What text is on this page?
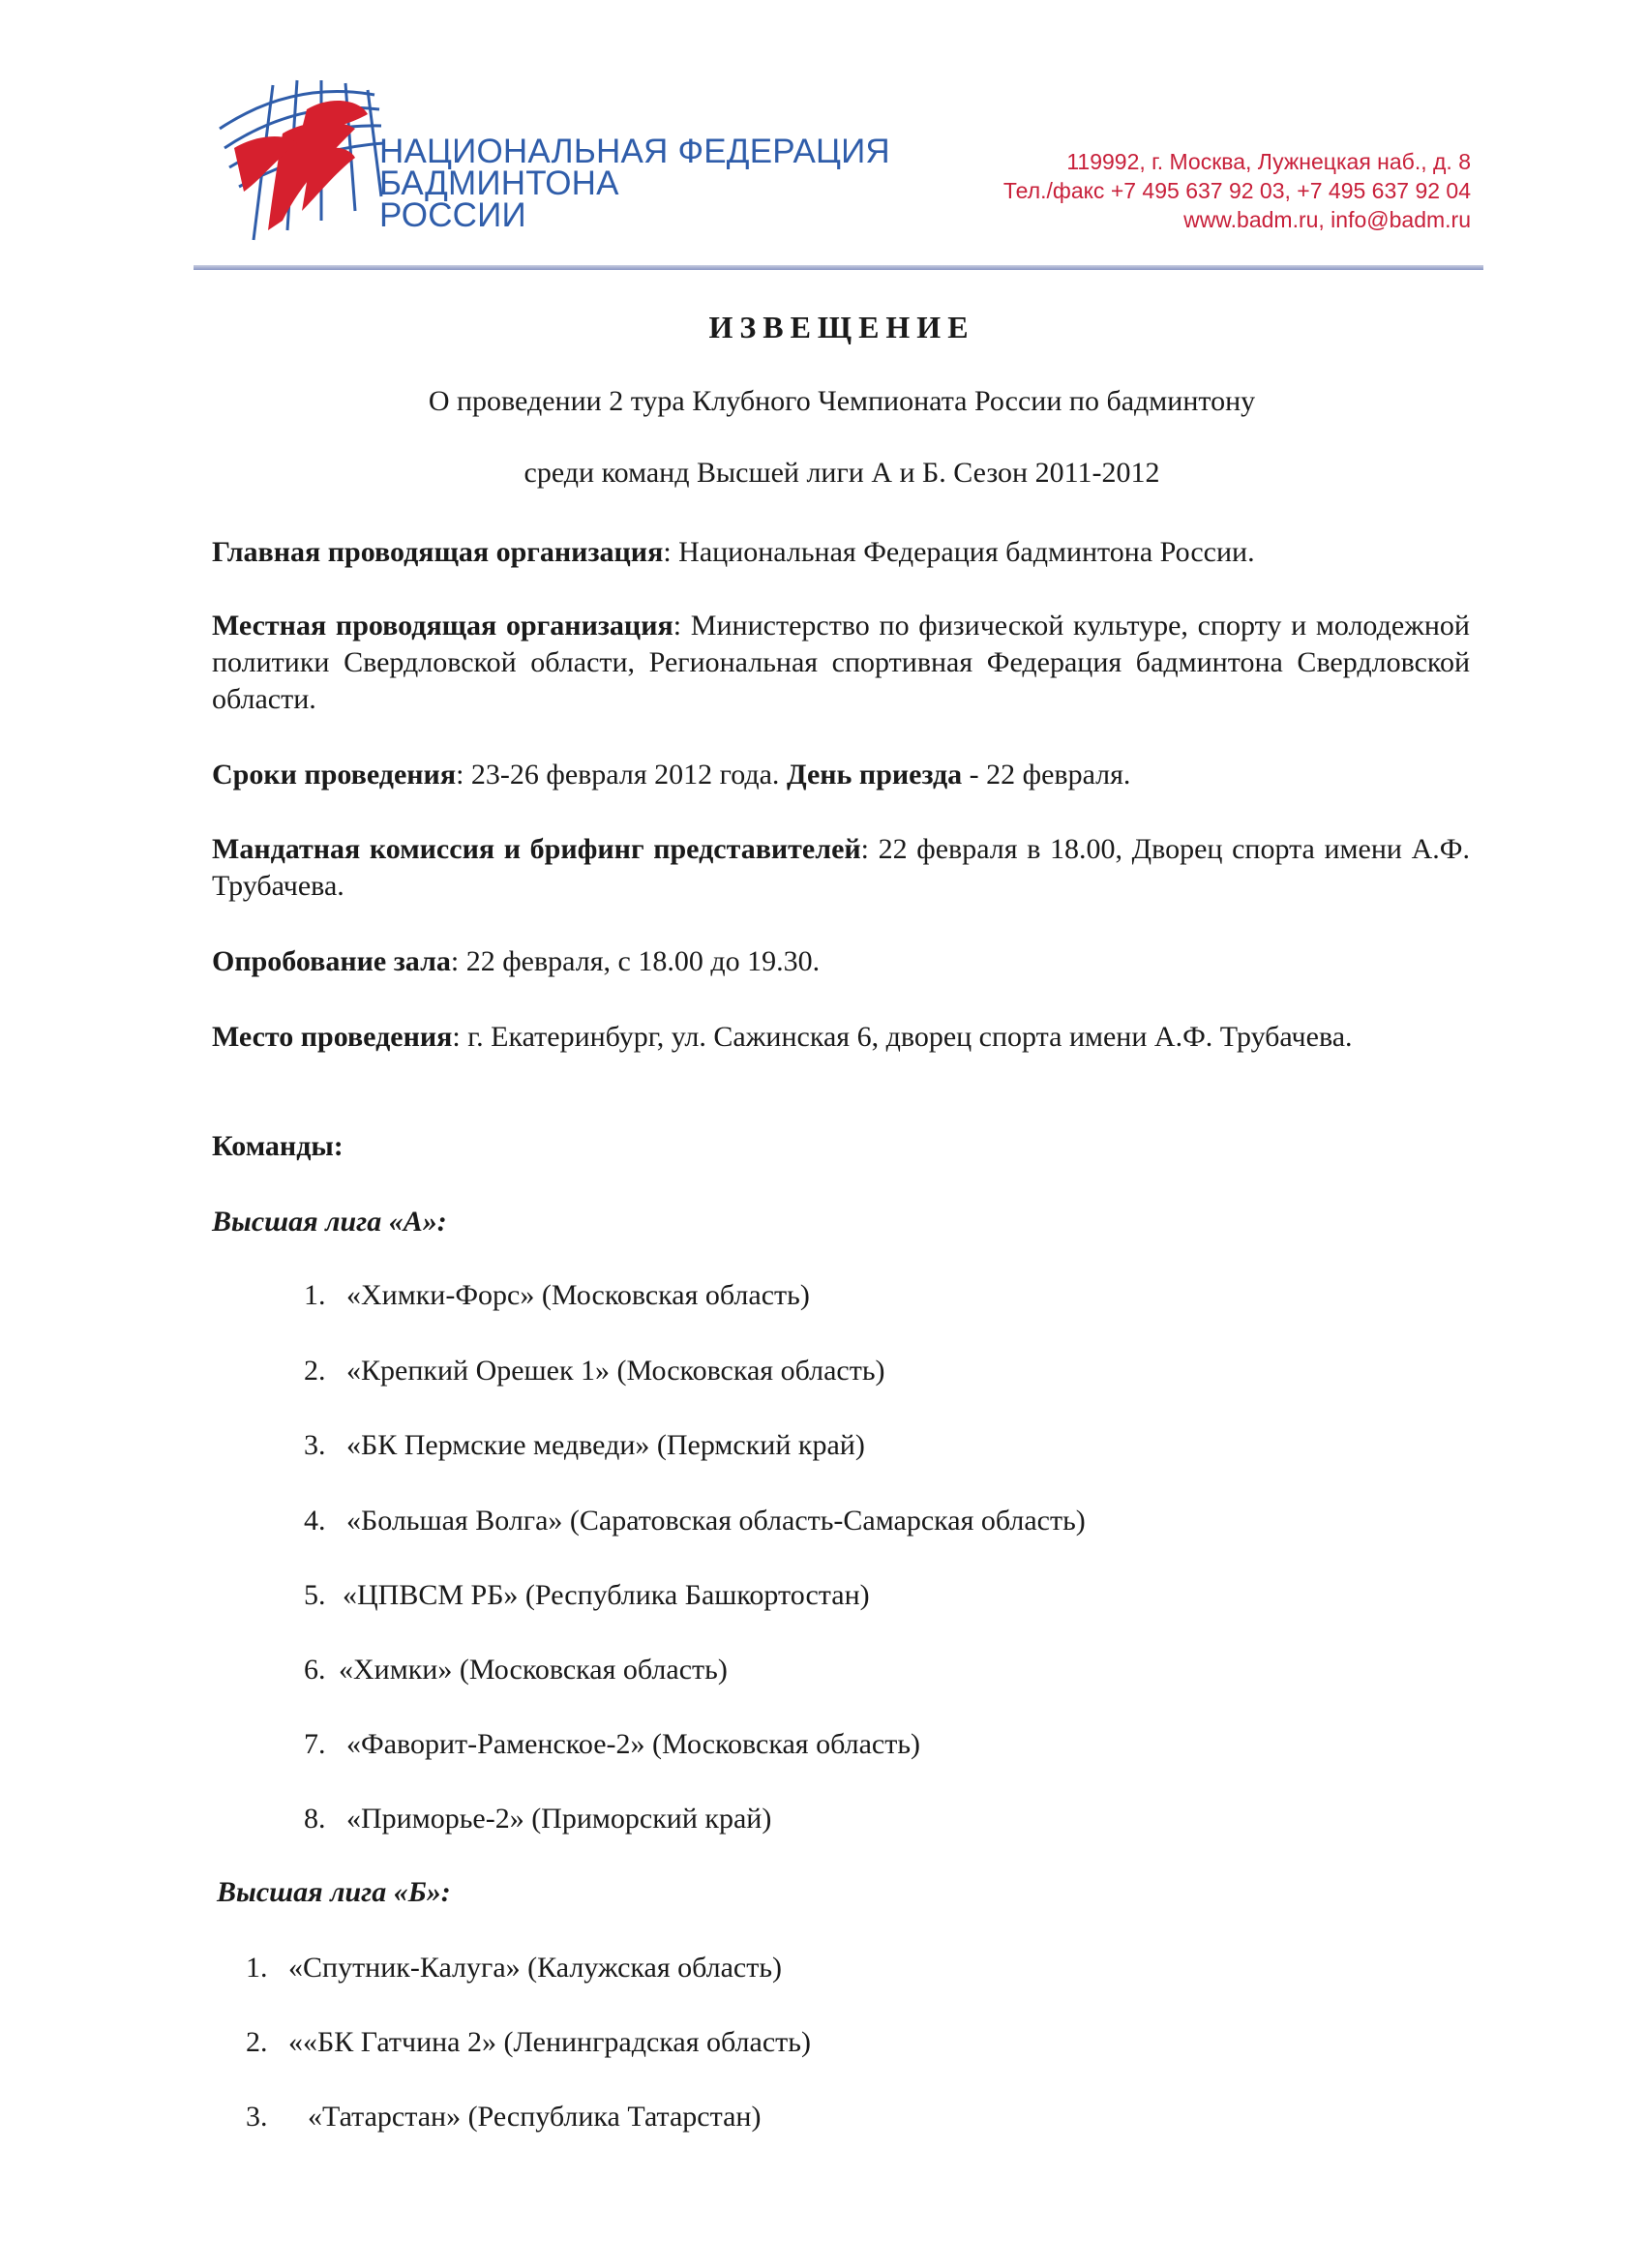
НАЦИОНАЛЬНАЯ ФЕДЕРАЦИЯ
БАДМИНТОНА
РОССИИ
119992, г. Москва, Лужнецкая наб., д. 8
Тел./факс +7 495 637 92 03, +7 495 637 92 04
www.badm.ru, info@badm.ru
ИЗВЕЩЕНИЕ
О проведении 2 тура Клубного Чемпионата России по бадминтону
среди команд Высшей лиги А и Б. Сезон 2011-2012
Главная проводящая организация: Национальная Федерация бадминтона России.
Местная проводящая организация: Министерство по физической культуре, спорту и молодежной политики Свердловской области, Региональная спортивная Федерация бадминтона Свердловской области.
Сроки проведения: 23-26 февраля 2012 года. День приезда - 22 февраля.
Мандатная комиссия и брифинг представителей: 22 февраля в 18.00, Дворец спорта имени А.Ф. Трубачева.
Опробование зала: 22 февраля, с 18.00 до 19.30.
Место проведения: г. Екатеринбург, ул. Сажинская 6, дворец спорта имени А.Ф. Трубачева.
Команды:
Высшая лига «А»:
1. «Химки-Форс» (Московская область)
2. «Крепкий Орешек 1» (Московская область)
3. «БК Пермские медведи» (Пермский край)
4. «Большая Волга» (Саратовская область-Самарская область)
5. «ЦПВСМ РБ» (Республика Башкортостан)
6. «Химки» (Московская область)
7. «Фаворит-Раменское-2» (Московская область)
8. «Приморье-2» (Приморский край)
Высшая лига «Б»:
1. «Спутник-Калуга» (Калужская область)
2. ««БК Гатчина 2» (Ленинградская область)
3. «Татарстан» (Республика Татарстан)
